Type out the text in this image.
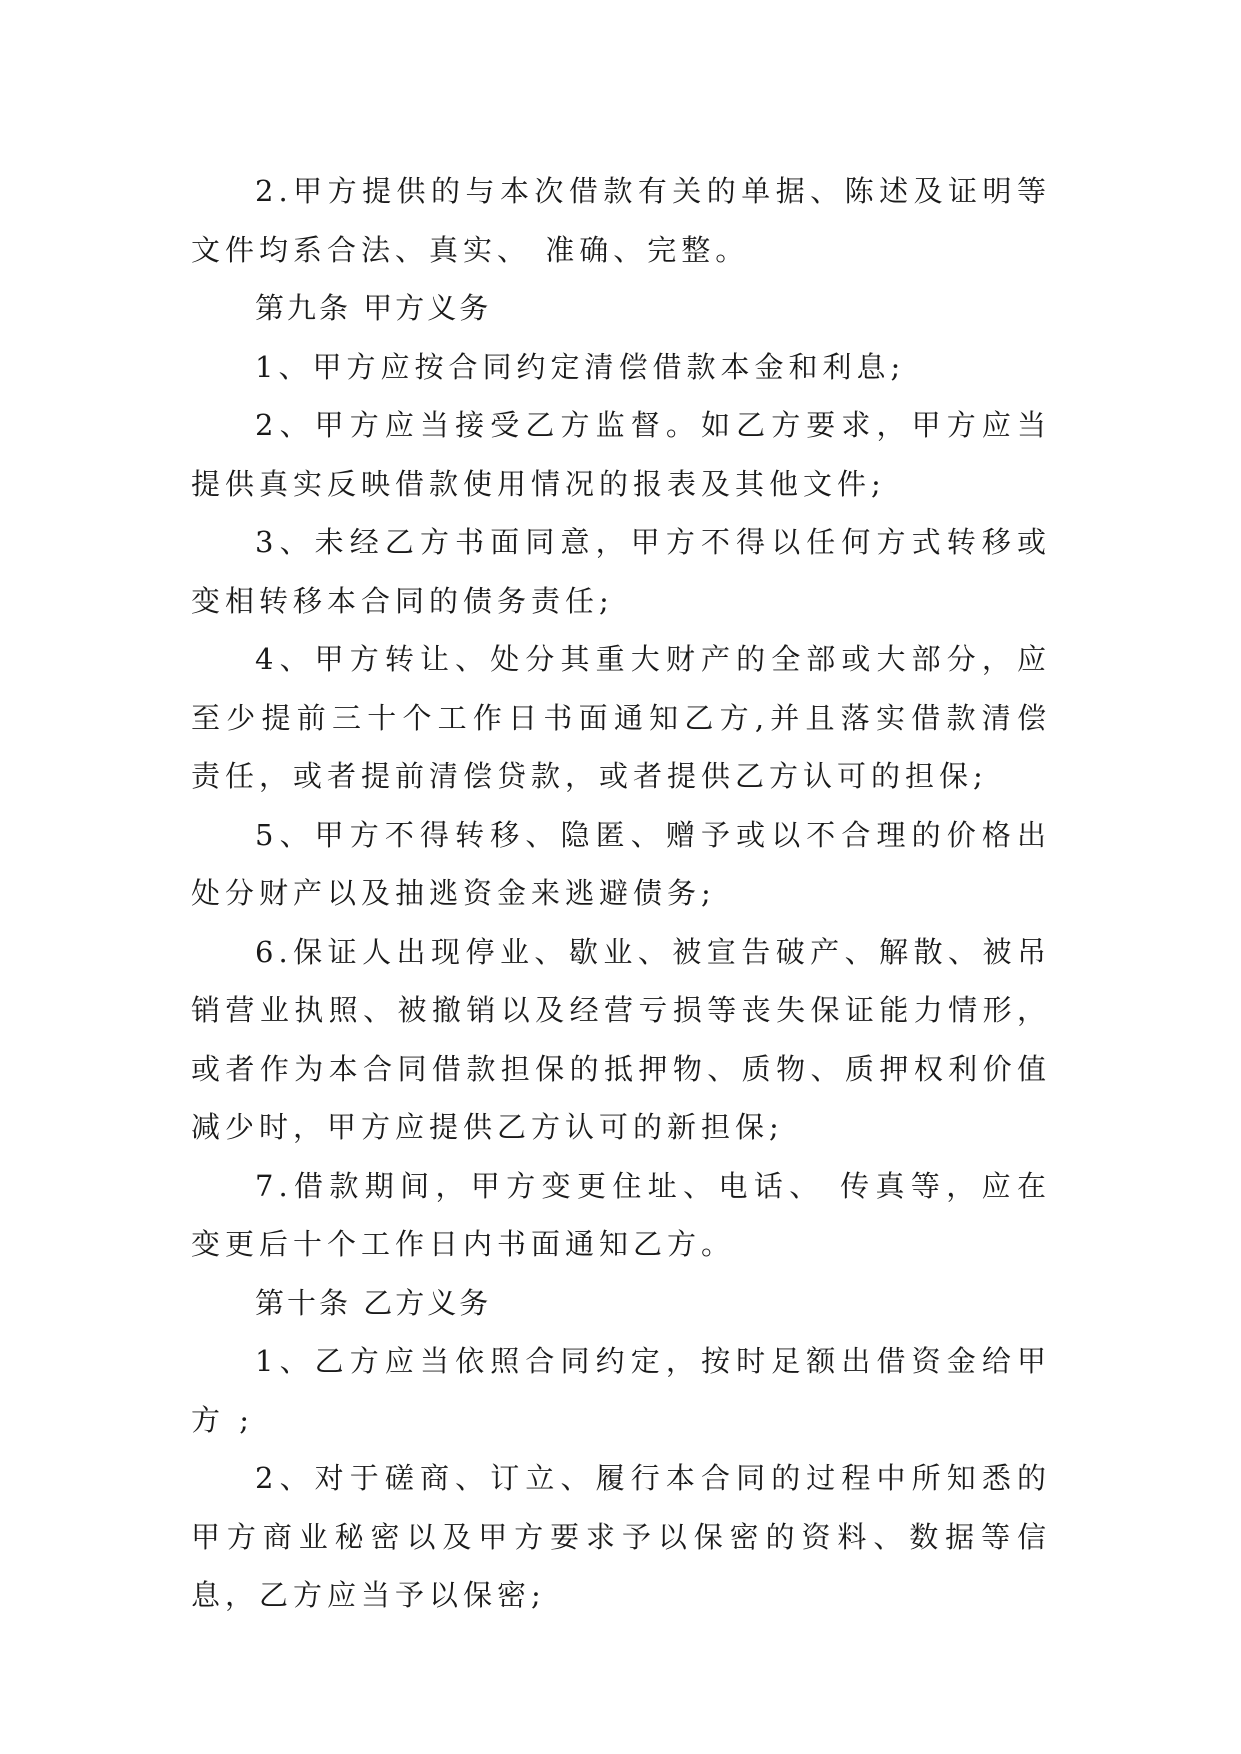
2.甲方提供的与本次借款有关的单据、陈述及证明等文件均系合法、真实、 准确、完整。

第九条 甲方义务

1、甲方应按合同约定清偿借款本金和利息;

2、甲方应当接受乙方监督。如乙方要求，甲方应当提供真实反映借款使用情况的报表及其他文件;

3、未经乙方书面同意，甲方不得以任何方式转移或变相转移本合同的债务责任;

4、甲方转让、处分其重大财产的全部或大部分，应至少提前三十个工作日书面通知乙方,并且落实借款清偿责任，或者提前清偿贷款，或者提供乙方认可的担保;

5、甲方不得转移、隐匿、赠予或以不合理的价格出处分财产以及抽逃资金来逃避债务;

6.保证人出现停业、歇业、被宣告破产、解散、被吊销营业执照、被撤销以及经营亏损等丧失保证能力情形，或者作为本合同借款担保的抵押物、质物、质押权利价值减少时，甲方应提供乙方认可的新担保;

7.借款期间，甲方变更住址、电话、 传真等，应在变更后十个工作日内书面通知乙方。

第十条 乙方义务

1、乙方应当依照合同约定，按时足额出借资金给甲方 ;

2、对于磋商、订立、履行本合同的过程中所知悉的甲方商业秘密以及甲方要求予以保密的资料、数据等信息，乙方应当予以保密;
